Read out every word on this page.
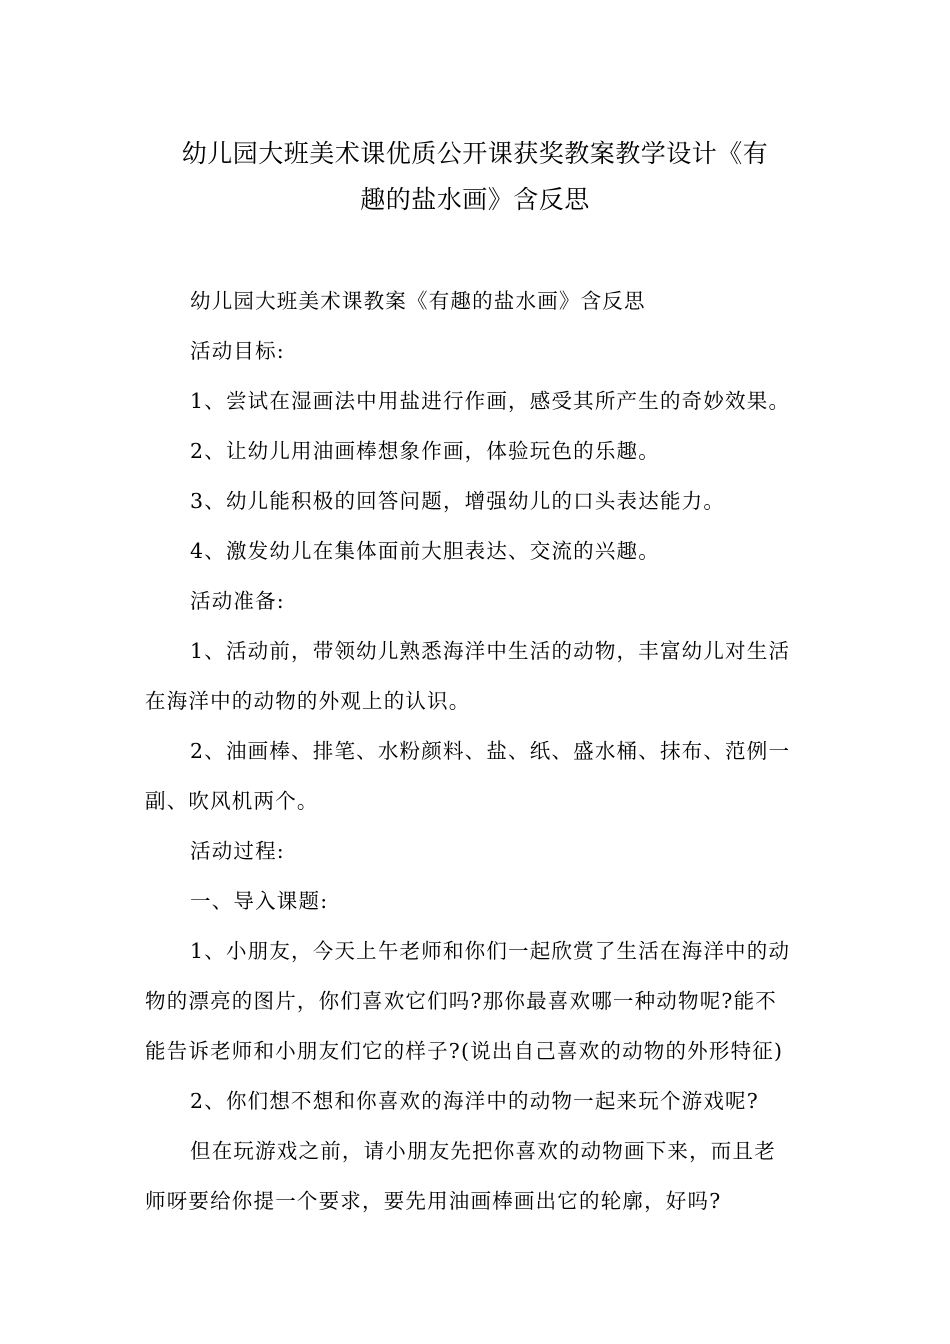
幼儿园大班美术课优质公开课获奖教案教学设计《有
趣的盐水画》含反思
幼儿园大班美术课教案《有趣的盐水画》含反思
活动目标:
1、尝试在湿画法中用盐进行作画，感受其所产生的奇妙效果。
2、让幼儿用油画棒想象作画，体验玩色的乐趣。
3、幼儿能积极的回答问题，增强幼儿的口头表达能力。
4、激发幼儿在集体面前大胆表达、交流的兴趣。
活动准备:
1、活动前，带领幼儿熟悉海洋中生活的动物，丰富幼儿对生活
在海洋中的动物的外观上的认识。
2、油画棒、排笔、水粉颜料、盐、纸、盛水桶、抹布、范例一
副、吹风机两个。
活动过程:
一、导入课题:
1、小朋友，今天上午老师和你们一起欣赏了生活在海洋中的动
物的漂亮的图片，你们喜欢它们吗?那你最喜欢哪一种动物呢?能不
能告诉老师和小朋友们它的样子?(说出自己喜欢的动物的外形特征)
2、你们想不想和你喜欢的海洋中的动物一起来玩个游戏呢?
但在玩游戏之前，请小朋友先把你喜欢的动物画下来，而且老
师呀要给你提一个要求，要先用油画棒画出它的轮廓，好吗?
